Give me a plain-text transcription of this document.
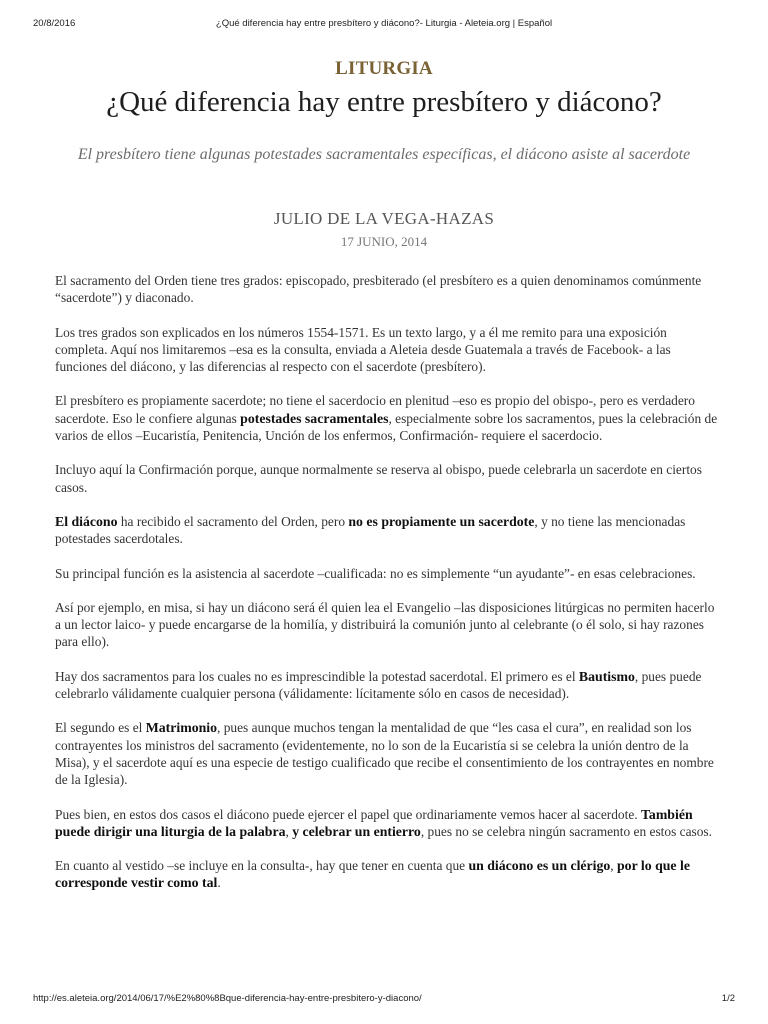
20/8/2016	¿Qué diferencia hay entre presbítero y diácono?- Liturgia - Aleteia.org | Español
LITURGIA
¿Qué diferencia hay entre presbítero y diácono?
El presbítero tiene algunas potestades sacramentales específicas, el diácono asiste al sacerdote
JULIO DE LA VEGA-HAZAS
17 JUNIO, 2014

El sacramento del Orden tiene tres grados: episcopado, presbiterado (el presbítero es a quien denominamos comúnmente “sacerdote”) y diaconado.

Los tres grados son explicados en los números 1554-1571. Es un texto largo, y a él me remito para una exposición completa. Aquí nos limitaremos –esa es la consulta, enviada a Aleteia desde Guatemala a través de Facebook- a las funciones del diácono, y las diferencias al respecto con el sacerdote (presbítero).

El presbítero es propiamente sacerdote; no tiene el sacerdocio en plenitud –eso es propio del obispo-, pero es verdadero sacerdote. Eso le confiere algunas potestades sacramentales, especialmente sobre los sacramentos, pues la celebración de varios de ellos –Eucaristía, Penitencia, Unción de los enfermos, Confirmación- requiere el sacerdocio.

Incluyo aquí la Confirmación porque, aunque normalmente se reserva al obispo, puede celebrarla un sacerdote en ciertos casos.

El diácono ha recibido el sacramento del Orden, pero no es propiamente un sacerdote, y no tiene las mencionadas potestades sacerdotales.

Su principal función es la asistencia al sacerdote –cualificada: no es simplemente “un ayudante”- en esas celebraciones.

Así por ejemplo, en misa, si hay un diácono será él quien lea el Evangelio –las disposiciones litúrgicas no permiten hacerlo a un lector laico- y puede encargarse de la homilía, y distribuirá la comunión junto al celebrante (o él solo, si hay razones para ello).

Hay dos sacramentos para los cuales no es imprescindible la potestad sacerdotal. El primero es el Bautismo, pues puede celebrarlo válidamente cualquier persona (válidamente: lícitamente sólo en casos de necesidad).

El segundo es el Matrimonio, pues aunque muchos tengan la mentalidad de que “les casa el cura”, en realidad son los contrayentes los ministros del sacramento (evidentemente, no lo son de la Eucaristía si se celebra la unión dentro de la Misa), y el sacerdote aquí es una especie de testigo cualificado que recibe el consentimiento de los contrayentes en nombre de la Iglesia).

Pues bien, en estos dos casos el diácono puede ejercer el papel que ordinariamente vemos hacer al sacerdote. También puede dirigir una liturgia de la palabra, y celebrar un entierro, pues no se celebra ningún sacramento en estos casos.

En cuanto al vestido –se incluye en la consulta-, hay que tener en cuenta que un diácono es un clérigo, por lo que le corresponde vestir como tal.

http://es.aleteia.org/2014/06/17/%E2%80%8Bque-diferencia-hay-entre-presbitero-y-diacono/	1/2
